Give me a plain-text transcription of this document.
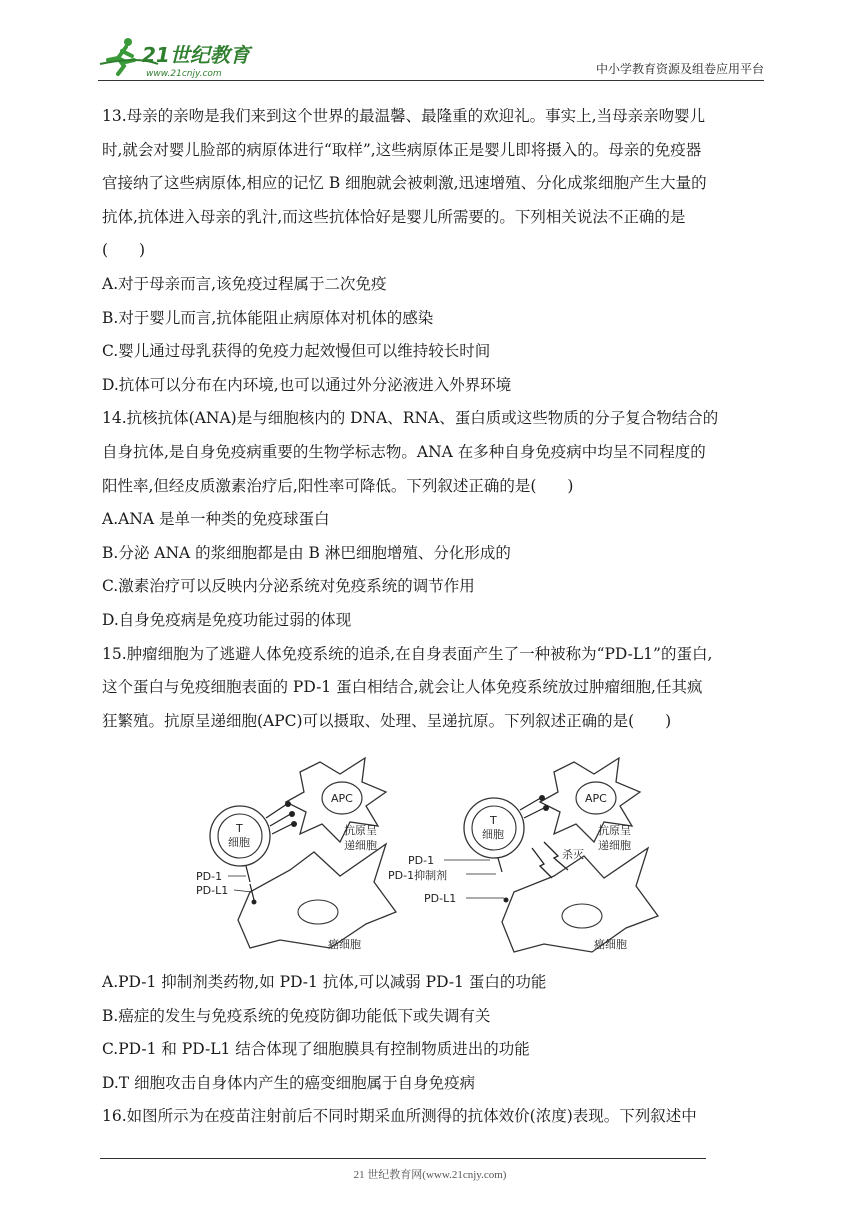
21世纪教育
www.21cnjy.com	中小学教育资源及组卷应用平台
13.母亲的亲吻是我们来到这个世界的最温馨、最隆重的欢迎礼。事实上,当母亲亲吻婴儿
时,就会对婴儿脸部的病原体进行“取样”,这些病原体正是婴儿即将摄入的。母亲的免疫器
官接纳了这些病原体,相应的记忆 B 细胞就会被刺激,迅速增殖、分化成浆细胞产生大量的
抗体,抗体进入母亲的乳汁,而这些抗体恰好是婴儿所需要的。下列相关说法不正确的是
(　　)
A.对于母亲而言,该免疫过程属于二次免疫
B.对于婴儿而言,抗体能阻止病原体对机体的感染
C.婴儿通过母乳获得的免疫力起效慢但可以维持较长时间
D.抗体可以分布在内环境,也可以通过外分泌液进入外界环境
14.抗核抗体(ANA)是与细胞核内的 DNA、RNA、蛋白质或这些物质的分子复合物结合的
自身抗体,是自身免疫病重要的生物学标志物。ANA 在多种自身免疫病中均呈不同程度的
阳性率,但经皮质激素治疗后,阳性率可降低。下列叙述正确的是(　　)
A.ANA 是单一种类的免疫球蛋白
B.分泌 ANA 的浆细胞都是由 B 淋巴细胞增殖、分化形成的
C.激素治疗可以反映内分泌系统对免疫系统的调节作用
D.自身免疫病是免疫功能过弱的体现
15.肿瘤细胞为了逃避人体免疫系统的追杀,在自身表面产生了一种被称为“PD-L1”的蛋白,
这个蛋白与免疫细胞表面的 PD-1 蛋白相结合,就会让人体免疫系统放过肿瘤细胞,任其疯
狂繁殖。抗原呈递细胞(APC)可以摄取、处理、呈递抗原。下列叙述正确的是(　　)
APC
抗原呈
递细胞
T
细胞
癌细胞
PD-1
PD-L1
APC
抗原呈
递细胞
T
细胞
杀灭
癌细胞
PD-1
PD-1抑制剂
PD-L1
A.PD-1 抑制剂类药物,如 PD-1 抗体,可以减弱 PD-1 蛋白的功能
B.癌症的发生与免疫系统的免疫防御功能低下或失调有关
C.PD-1 和 PD-L1 结合体现了细胞膜具有控制物质进出的功能
D.T 细胞攻击自身体内产生的癌变细胞属于自身免疫病
16.如图所示为在疫苗注射前后不同时期采血所测得的抗体效价(浓度)表现。下列叙述中
21 世纪教育网(www.21cnjy.com)
